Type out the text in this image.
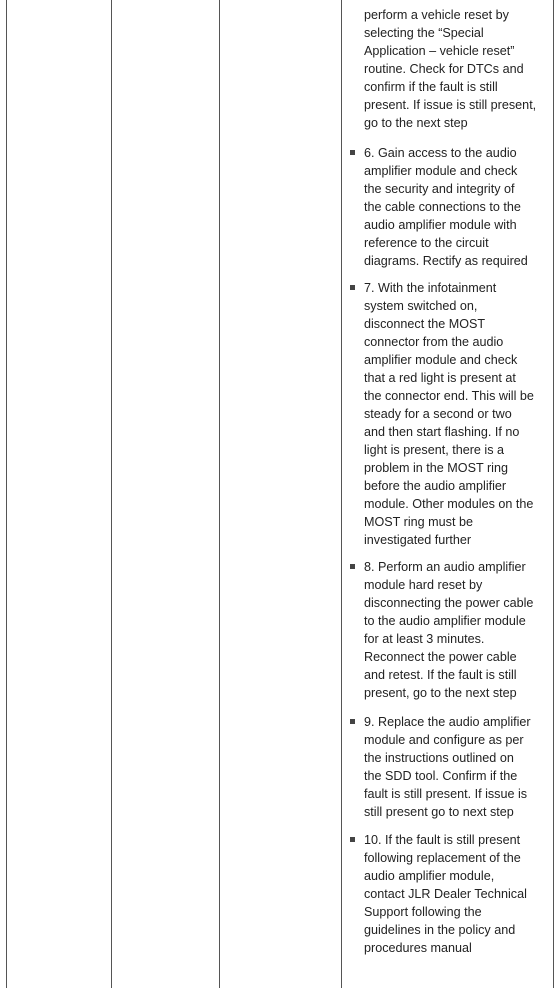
perform a vehicle reset by
selecting the “Special
Application – vehicle reset”
routine. Check for DTCs and
confirm if the fault is still
present. If issue is still present,
go to the next step
6. Gain access to the audio
amplifier module and check
the security and integrity of
the cable connections to the
audio amplifier module with
reference to the circuit
diagrams. Rectify as required
7. With the infotainment
system switched on,
disconnect the MOST
connector from the audio
amplifier module and check
that a red light is present at
the connector end. This will be
steady for a second or two
and then start flashing. If no
light is present, there is a
problem in the MOST ring
before the audio amplifier
module. Other modules on the
MOST ring must be
investigated further
8. Perform an audio amplifier
module hard reset by
disconnecting the power cable
to the audio amplifier module
for at least 3 minutes.
Reconnect the power cable
and retest. If the fault is still
present, go to the next step
9. Replace the audio amplifier
module and configure as per
the instructions outlined on
the SDD tool. Confirm if the
fault is still present. If issue is
still present go to next step
10. If the fault is still present
following replacement of the
audio amplifier module,
contact JLR Dealer Technical
Support following the
guidelines in the policy and
procedures manual
